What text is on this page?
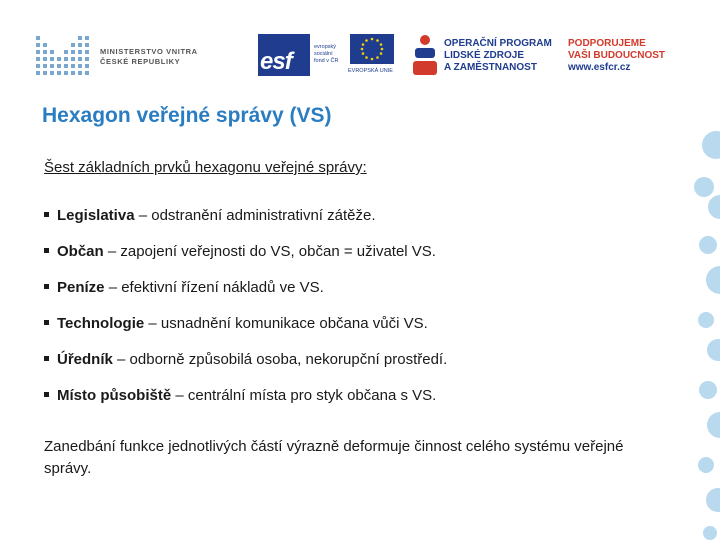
MINISTERSTVO VNITRA
ČESKÉ REPUBLIKY	esf
evropský
sociální
fond v ČR
EVROPSKÁ UNIE
OPERAČNÍ PROGRAM
LIDSKÉ ZDROJE
A ZAMĚSTNANOST
PODPORUJEME
VAŠI BUDOUCNOST
www.esfcr.cz
Hexagon veřejné správy (VS)
Šest základních prvků hexagonu veřejné správy:
Legislativa – odstranění administrativní zátěže.
Občan – zapojení veřejnosti do VS, občan = uživatel VS.
Peníze – efektivní řízení nákladů ve VS.
Technologie – usnadnění komunikace občana vůči VS.
Úředník – odborně způsobilá osoba, nekorupční prostředí.
Místo působiště – centrální místa pro styk občana s VS.
Zanedbání funkce jednotlivých částí výrazně deformuje činnost celého systému veřejné správy.
